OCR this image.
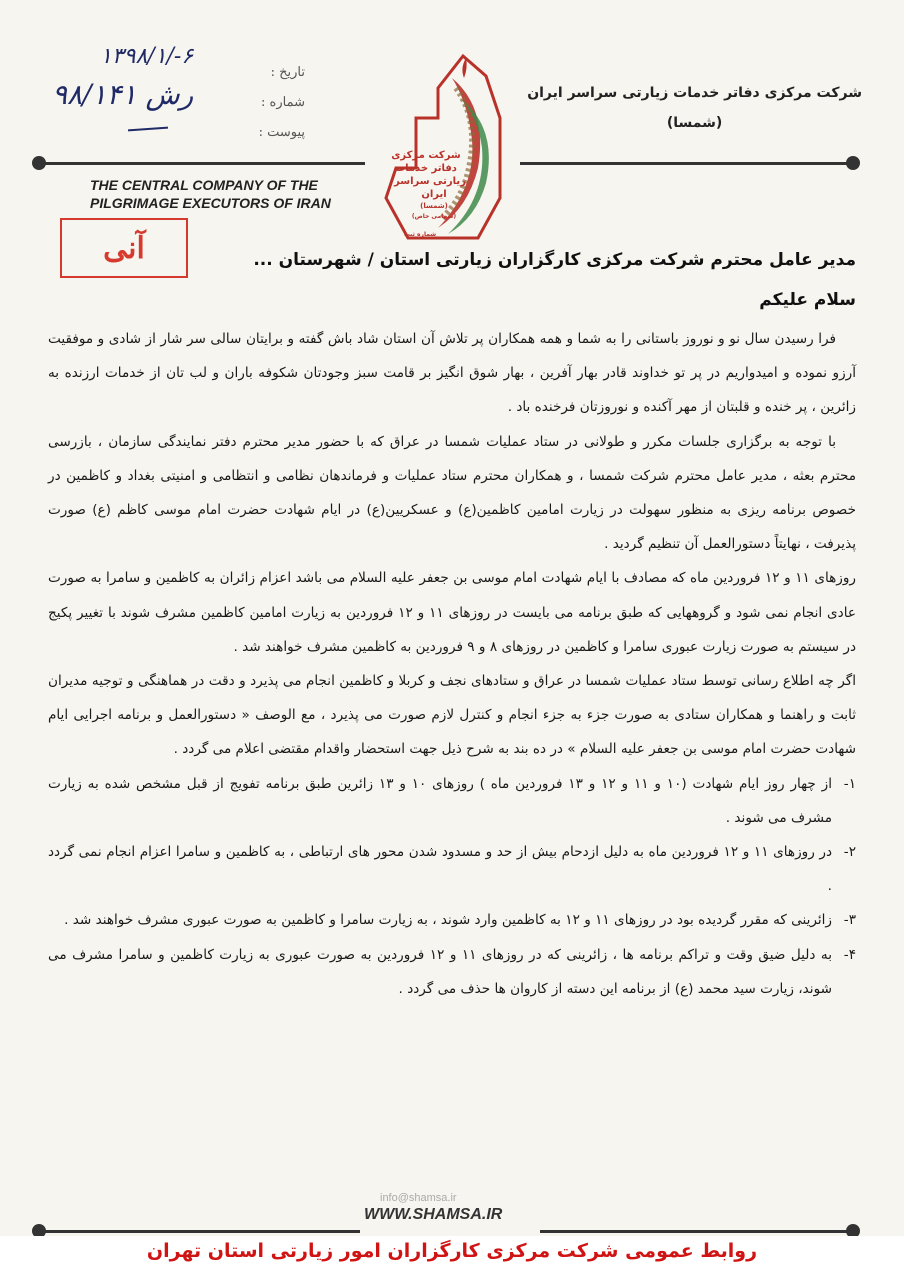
۱۳۹۸/۱/-۶
۹۸/۱۴۱ رش
تاریخ :
شماره :
پیوست :
شرکت مرکزی
دفاتر خدمات
زیارتی سراسر
ایران
(شمسا)
(سهامی خاص)
شماره ثبت
شرکت مرکزی دفاتر خدمات زیارتی سراسر ایران
(شمسا)
THE CENTRAL COMPANY OF THE
PILGRIMAGE EXECUTORS OF IRAN
آنی	مدیر عامل محترم شرکت مرکزی کارگزاران زیارتی استان / شهرستان ...
سلام علیکم

فرا رسیدن سال نو و نوروز باستانی را به شما و همه همکاران پر تلاش آن استان شاد باش گفته و برایتان سالی سر شار از شادی و موفقیت آرزو نموده و امیدواریم در پر تو خداوند قادر بهار آفرین ، بهار شوق انگیز بر قامت سبز وجودتان شکوفه باران و لب تان از خدمات ارزنده به زائرین ، پر خنده و قلبتان از مهر آکنده و نوروزتان فرخنده باد .

با توجه به برگزاری جلسات مکرر و طولانی در ستاد عملیات شمسا در عراق که با حضور مدیر محترم دفتر نمایندگی سازمان ، بازرسی محترم بعثه ، مدیر عامل محترم شرکت شمسا ، و همکاران محترم ستاد عملیات و فرماندهان نظامی و انتظامی و امنیتی بغداد و کاظمین در خصوص برنامه ریزی به منظور سهولت در زیارت امامین کاظمین(ع) و عسکریین(ع) در ایام شهادت حضرت امام موسی کاظم (ع) صورت پذیرفت ، نهایتاً دستورالعمل آن تنظیم گردید .

روزهای ۱۱ و ۱۲ فروردین ماه که مصادف با ایام شهادت امام موسی بن جعفر علیه السلام می باشد اعزام زائران به کاظمین و سامرا به صورت عادی انجام نمی شود و گروههایی که طبق برنامه می بایست در روزهای ۱۱ و ۱۲ فروردین به زیارت امامین کاظمین مشرف شوند با تغییر پکیج در سیستم به صورت زیارت عبوری سامرا و کاظمین در روزهای ۸ و ۹ فروردین به کاظمین مشرف خواهند شد .

اگر چه اطلاع رسانی توسط ستاد عملیات شمسا در عراق و ستادهای نجف و کربلا و کاظمین انجام می پذیرد و دقت در هماهنگی و توجیه مدیران ثابت و راهنما و همکاران ستادی به صورت جزء به جزء انجام و کنترل لازم صورت می پذیرد ، مع الوصف « دستورالعمل و برنامه اجرایی ایام شهادت حضرت امام موسی بن جعفر علیه السلام » در ده بند به شرح ذیل جهت استحضار واقدام مقتضی اعلام می گردد .

۱-
از چهار روز ایام شهادت (۱۰ و ۱۱ و ۱۲ و ۱۳ فروردین ماه ) روزهای ۱۰ و ۱۳ زائرین طبق برنامه تفویج از قبل مشخص شده به زیارت مشرف می شوند .
۲-
در روزهای ۱۱ و ۱۲ فروردین ماه به دلیل ازدحام بیش از حد و مسدود شدن محور های ارتباطی ، به کاظمین و سامرا اعزام انجام نمی گردد .
۳-
زائرینی که مقرر گردیده بود در روزهای ۱۱ و ۱۲ به کاظمین وارد شوند ، به زیارت سامرا و کاظمین به صورت عبوری مشرف خواهند شد .
۴-
به دلیل ضیق وقت و تراکم برنامه ها ، زائرینی که در روزهای ۱۱ و ۱۲ فروردین به صورت عبوری به زیارت کاظمین و سامرا مشرف می شوند، زیارت سید محمد (ع) از برنامه این دسته از کاروان ها حذف می گردد .
info@shamsa.ir
WWW.SHAMSA.IR
روابط عمومی شرکت مرکزی کارگزاران امور زیارتی استان تهران
